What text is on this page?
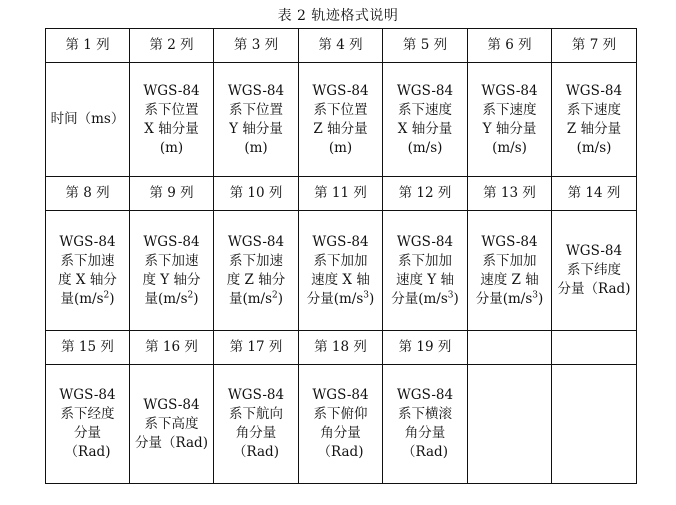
表 2 轨迹格式说明
第 1 列	第 2 列	第 3 列	第 4 列	第 5 列	第 6 列	第 7 列
时间（ms）	WGS-84
系下位置
X 轴分量
(m)	WGS-84
系下位置
Y 轴分量
(m)	WGS-84
系下位置
Z 轴分量
(m)	WGS-84
系下速度
X 轴分量
(m/s)	WGS-84
系下速度
Y 轴分量
(m/s)	WGS-84
系下速度
Z 轴分量
(m/s)
第 8 列	第 9 列	第 10 列	第 11 列	第 12 列	第 13 列	第 14 列
WGS-84
系下加速
度 X 轴分
量$(m/s^2)$	WGS-84
系下加速
度 Y 轴分
量$(m/s^2)$	WGS-84
系下加速
度 Z 轴分
量$(m/s^2)$	WGS-84
系下加加
速度 X 轴
分量$(m/s^3)$	WGS-84
系下加加
速度 Y 轴
分量$(m/s^3)$	WGS-84
系下加加
速度 Z 轴
分量$(m/s^3)$	WGS-84
系下纬度
分量（Rad)
第 15 列	第 16 列	第 17 列	第 18 列	第 19 列		
WGS-84
系下经度
分量
（Rad)	WGS-84
系下高度
分量（Rad)	WGS-84
系下航向
角分量
（Rad)	WGS-84
系下俯仰
角分量
（Rad)	WGS-84
系下横滚
角分量
（Rad)		
